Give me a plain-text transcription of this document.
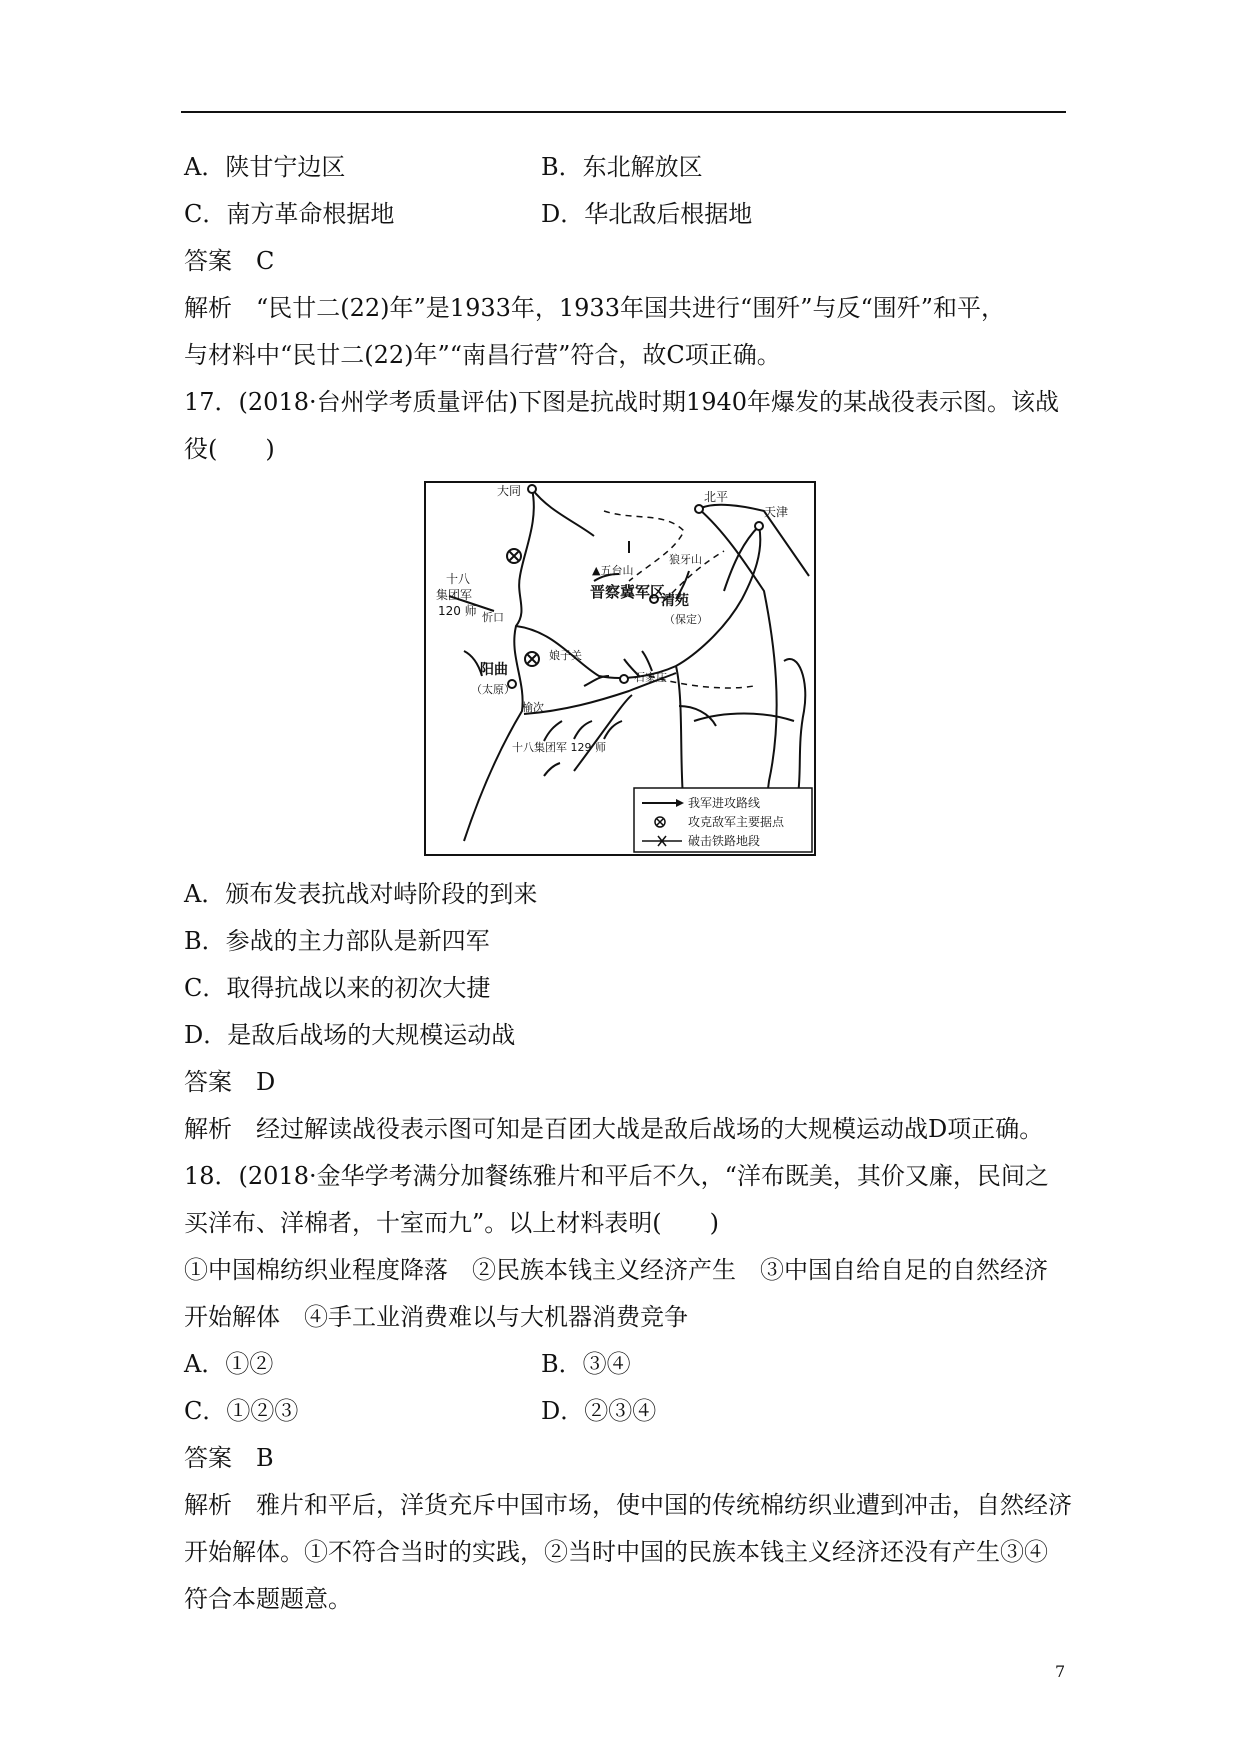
A．陕甘宁边区	B．东北解放区
C．南方革命根据地	D．华北敌后根据地
答案　C
解析　“民廿二(22)年”是1933年，1933年国共进行“围歼”与反“围歼”和平，
与材料中“民廿二(22)年”“南昌行营”符合，故C项正确。
17．(2018·台州学考质量评估)下图是抗战时期1940年爆发的某战役表示图。该战
役(　　)
大同	北平
天津
▲五台山
狼牙山
晋察冀军区
清苑
（保定）
十八
集团军
120 师 忻口
娘子关
石家庄
阳曲
（太原）
榆次
十八集团军 129 师
我军进攻路线
攻克敌军主要据点
破击铁路地段
A．颁布发表抗战对峙阶段的到来
B．参战的主力部队是新四军
C．取得抗战以来的初次大捷
D．是敌后战场的大规模运动战
答案　D
解析　经过解读战役表示图可知是百团大战是敌后战场的大规模运动战D项正确。
18．(2018·金华学考满分加餐练雅片和平后不久，“洋布既美，其价又廉，民间之
买洋布、洋棉者，十室而九”。以上材料表明(　　)
①中国棉纺织业程度降落　②民族本钱主义经济产生　③中国自给自足的自然经济
开始解体　④手工业消费难以与大机器消费竞争
A．①②	B．③④
C．①②③	D．②③④
答案　B
解析　雅片和平后，洋货充斥中国市场，使中国的传统棉纺织业遭到冲击，自然经济
开始解体。①不符合当时的实践，②当时中国的民族本钱主义经济还没有产生③④
符合本题题意。
7
